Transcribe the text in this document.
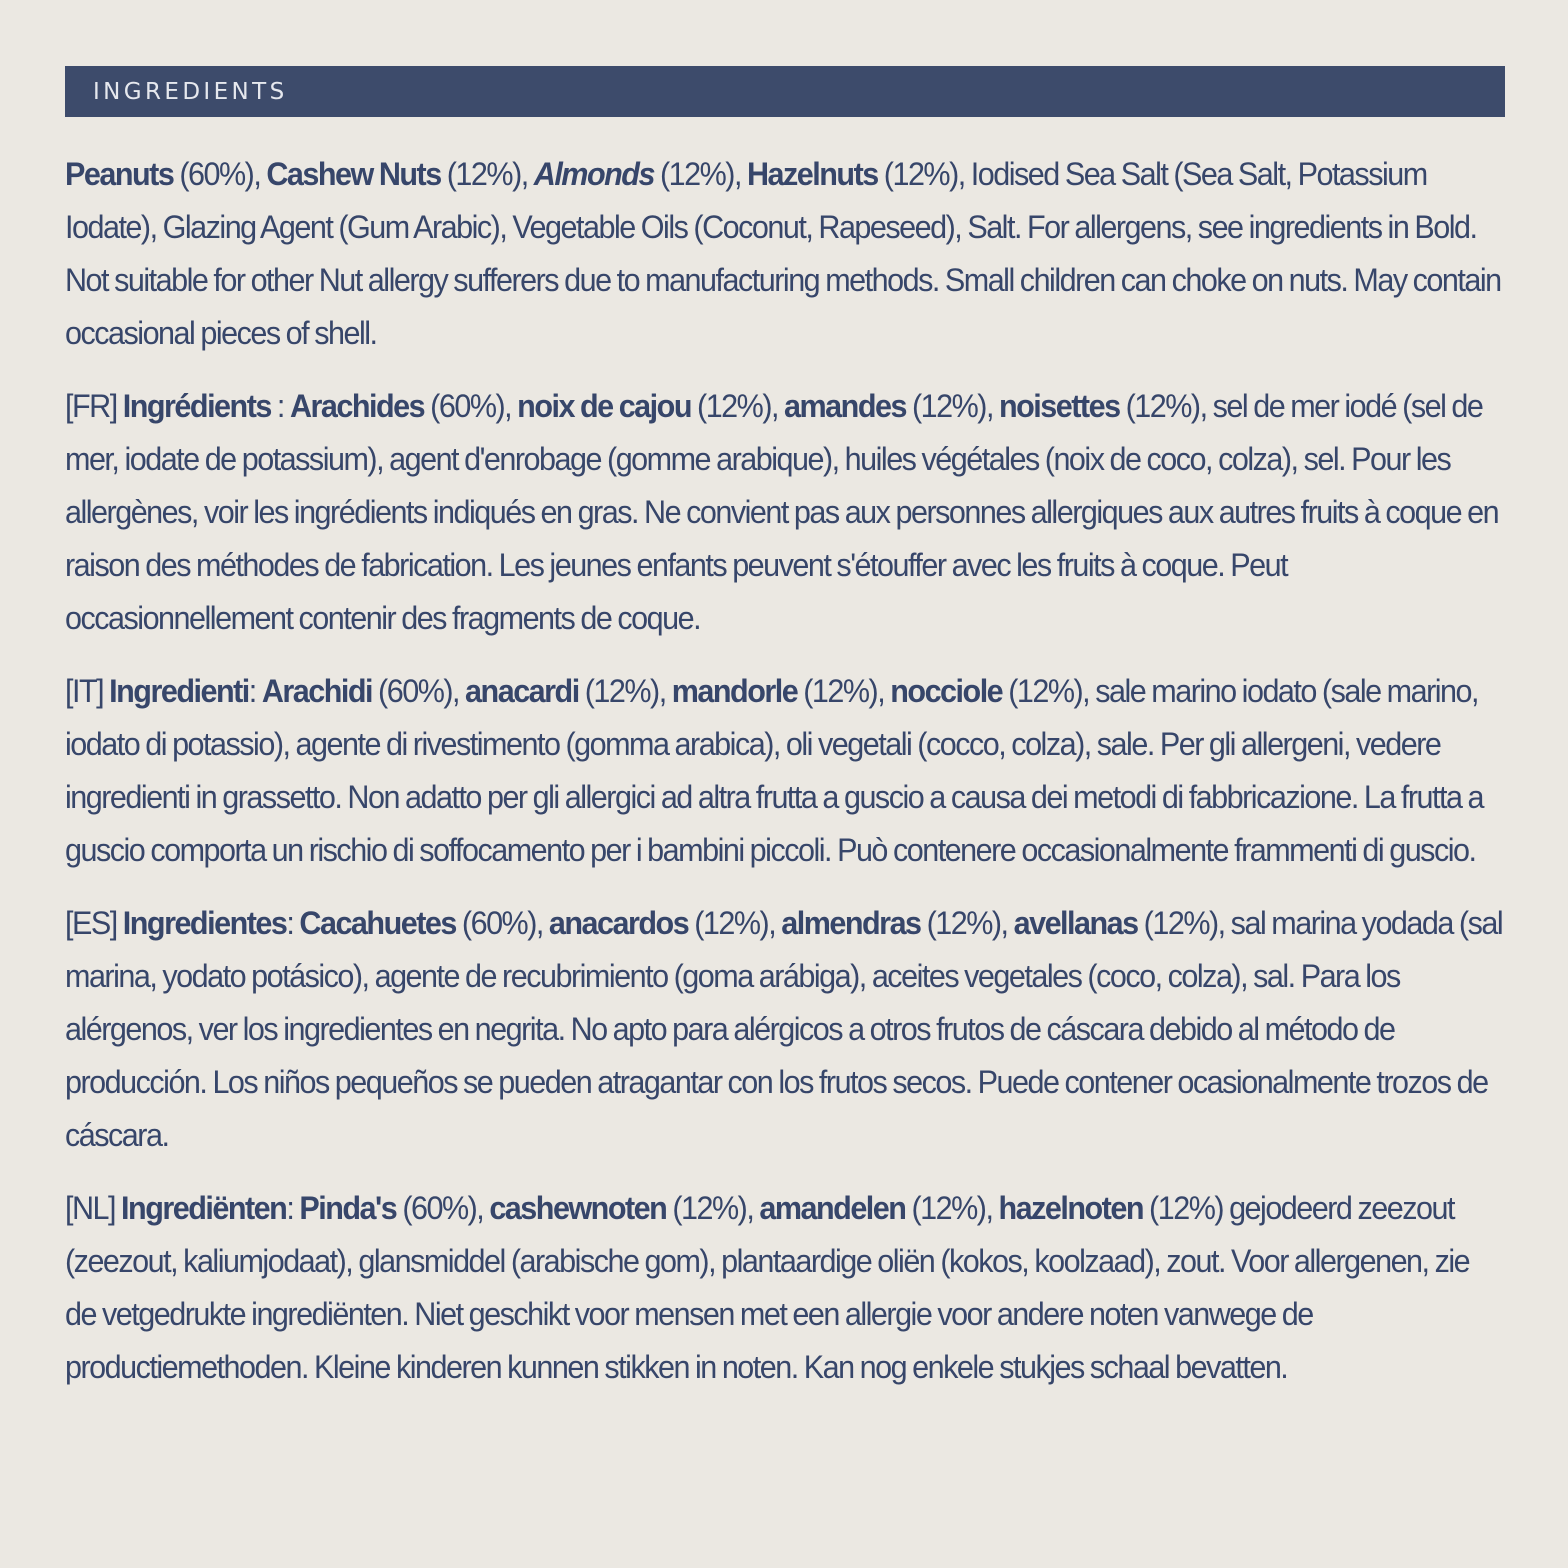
INGREDIENTS

Peanuts (60%), Cashew Nuts (12%), Almonds (12%), Hazelnuts (12%), Iodised Sea Salt (Sea Salt, Potassium Iodate), Glazing Agent (Gum Arabic), Vegetable Oils (Coconut, Rapeseed), Salt. For allergens, see ingredients in Bold. Not suitable for other Nut allergy sufferers due to manufacturing methods. Small children can choke on nuts. May contain occasional pieces of shell.

[FR] Ingrédients : Arachides (60%), noix de cajou (12%), amandes (12%), noisettes (12%), sel de mer iodé (sel de mer, iodate de potassium), agent d'enrobage (gomme arabique), huiles végétales (noix de coco, colza), sel. Pour les allergènes, voir les ingrédients indiqués en gras. Ne convient pas aux personnes allergiques aux autres fruits à coque en raison des méthodes de fabrication. Les jeunes enfants peuvent s'étouffer avec les fruits à coque. Peut occasionnellement contenir des fragments de coque.

[IT] Ingredienti: Arachidi (60%), anacardi (12%), mandorle (12%), nocciole (12%), sale marino iodato (sale marino, iodato di potassio), agente di rivestimento (gomma arabica), oli vegetali (cocco, colza), sale. Per gli allergeni, vedere ingredienti in grassetto. Non adatto per gli allergici ad altra frutta a guscio a causa dei metodi di fabbricazione. La frutta a guscio comporta un rischio di soffocamento per i bambini piccoli. Può contenere occasionalmente frammenti di guscio.

[ES] Ingredientes: Cacahuetes (60%), anacardos (12%), almendras (12%), avellanas (12%), sal marina yodada (sal marina, yodato potásico), agente de recubrimiento (goma arábiga), aceites vegetales (coco, colza), sal. Para los alérgenos, ver los ingredientes en negrita. No apto para alérgicos a otros frutos de cáscara debido al método de producción. Los niños pequeños se pueden atragantar con los frutos secos. Puede contener ocasionalmente trozos de cáscara.

[NL] Ingrediënten: Pinda's (60%), cashewnoten (12%), amandelen (12%), hazelnoten (12%) gejodeerd zeezout (zeezout, kaliumjodaat), glansmiddel (arabische gom), plantaardige oliën (kokos, koolzaad), zout. Voor allergenen, zie de vetgedrukte ingrediënten. Niet geschikt voor mensen met een allergie voor andere noten vanwege de productiemethoden. Kleine kinderen kunnen stikken in noten. Kan nog enkele stukjes schaal bevatten.
